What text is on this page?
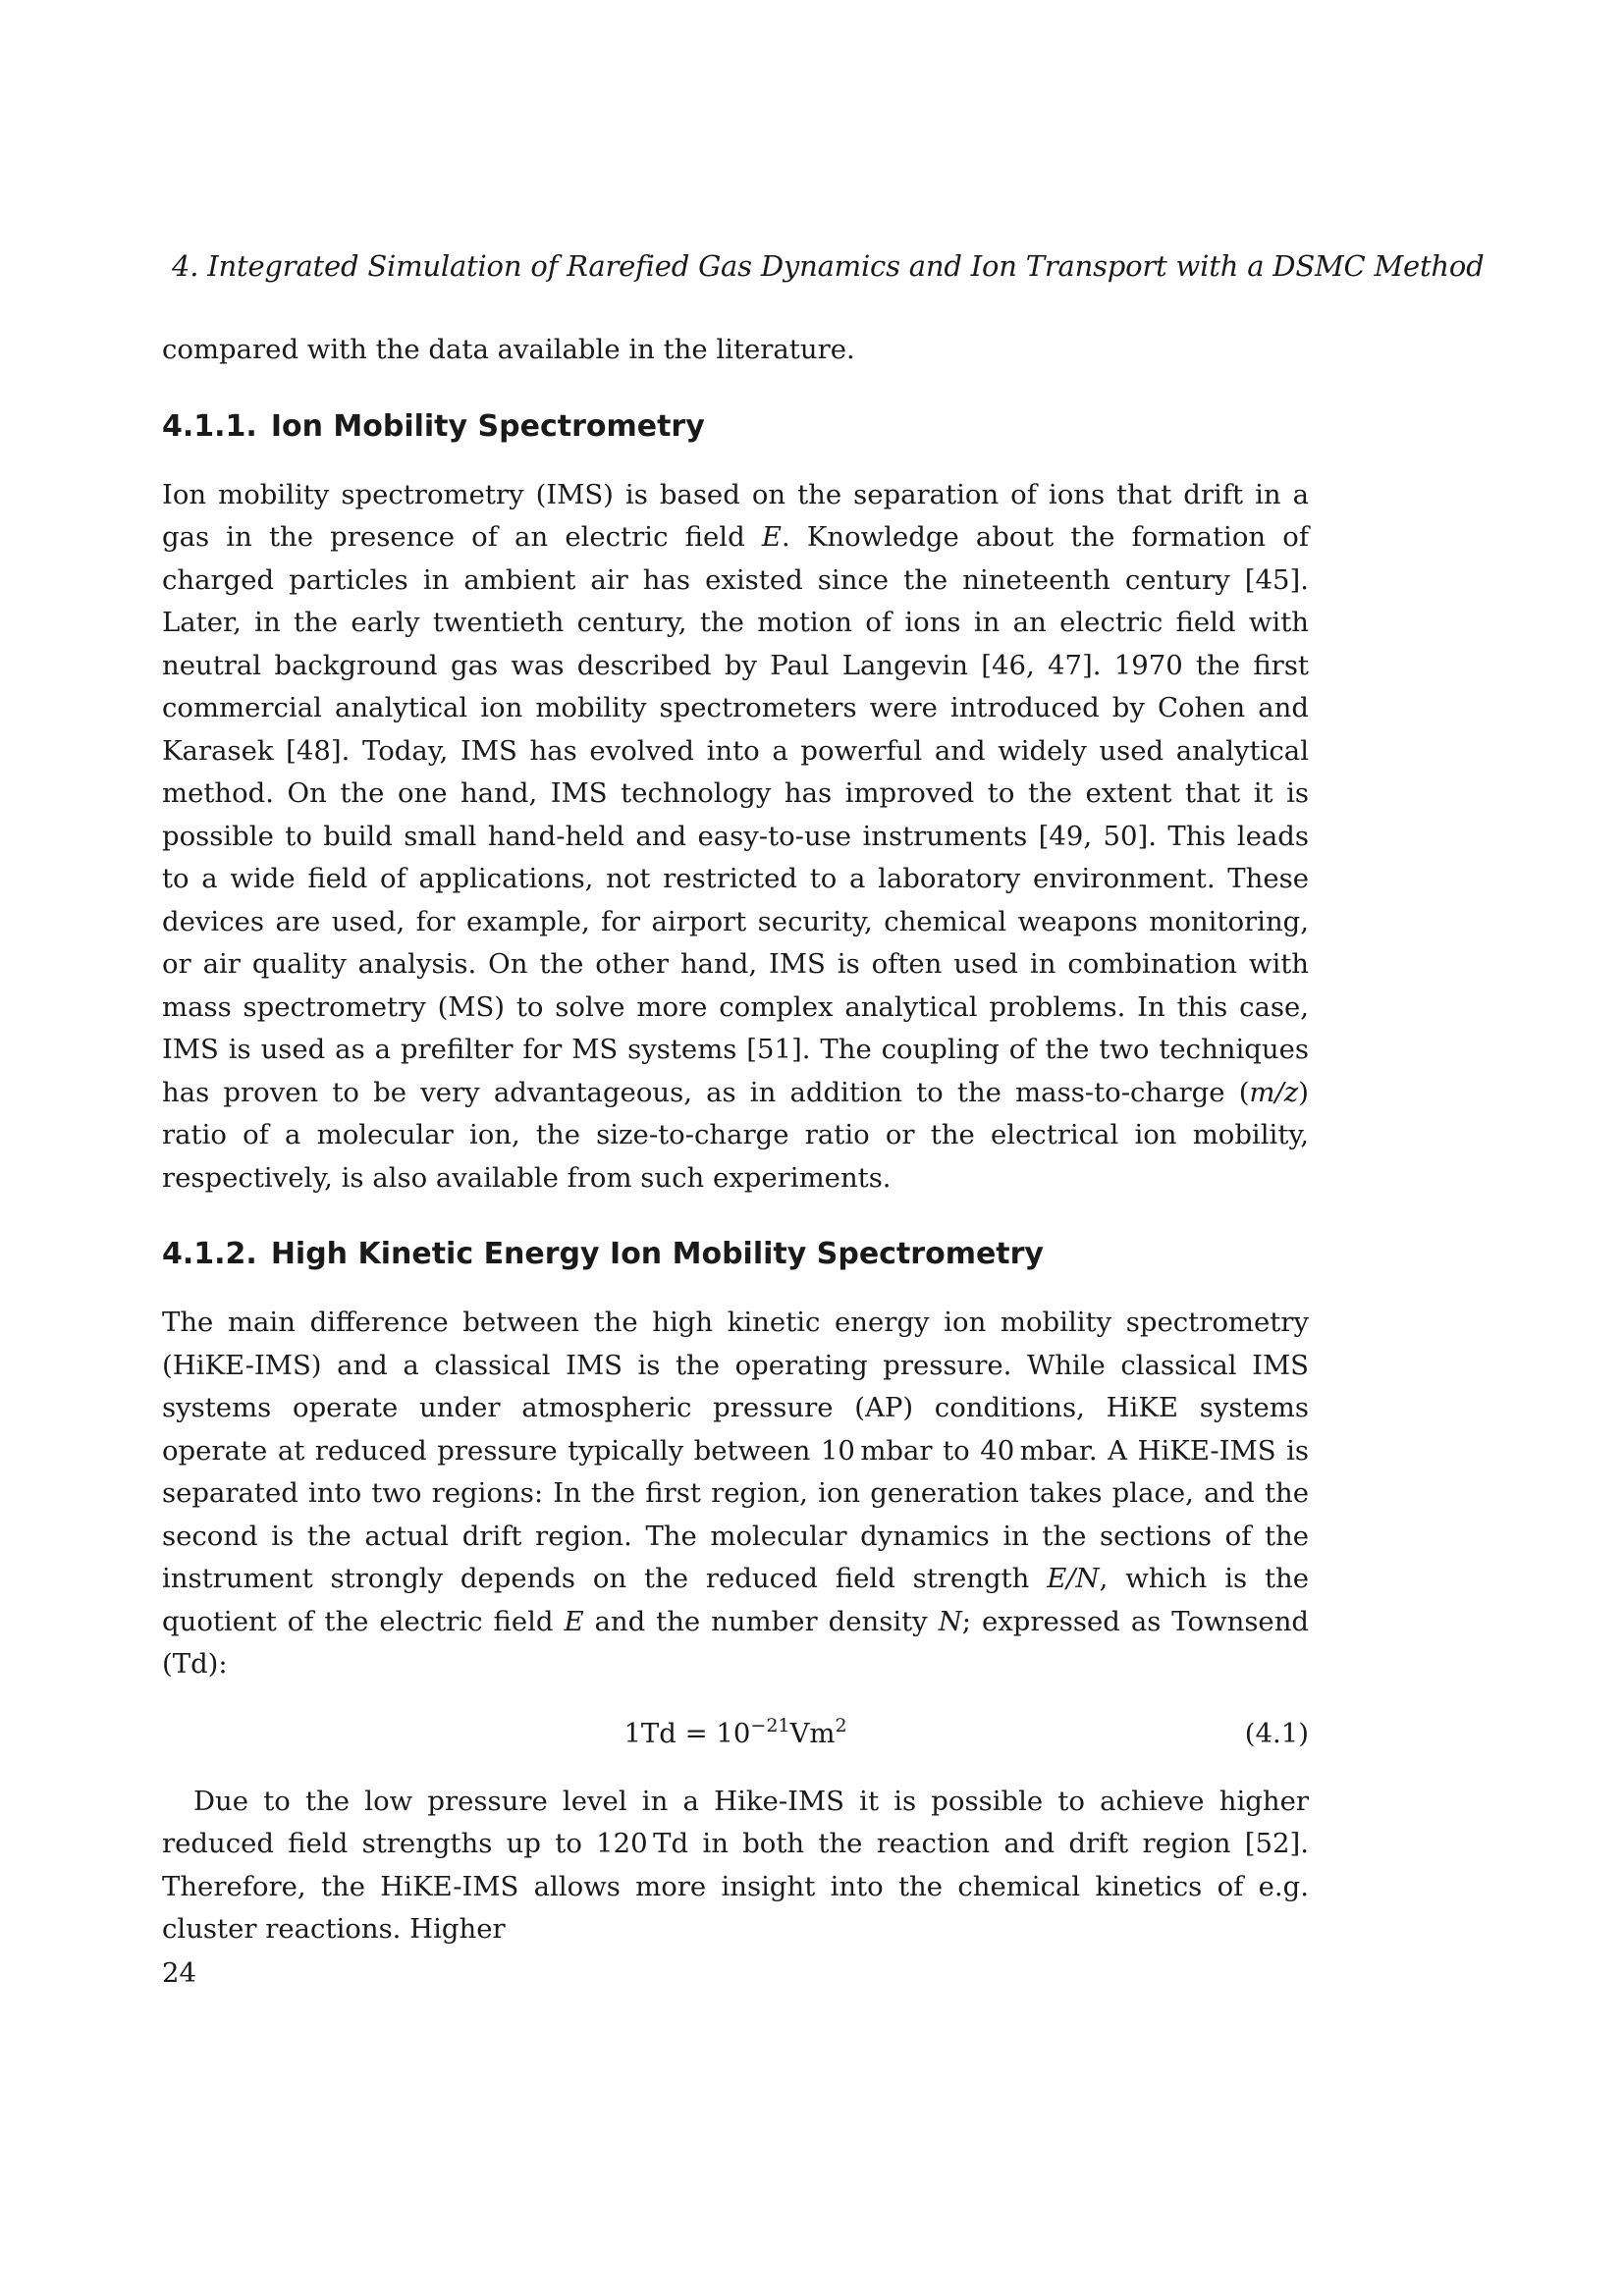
4. Integrated Simulation of Rarefied Gas Dynamics and Ion Transport with a DSMC Method

compared with the data available in the literature.

4.1.1. Ion Mobility Spectrometry

Ion mobility spectrometry (IMS) is based on the separation of ions that drift in a gas in the presence of an electric field E. Knowledge about the formation of charged particles in ambient air has existed since the nineteenth century [45]. Later, in the early twentieth century, the motion of ions in an electric field with neutral background gas was described by Paul Langevin [46, 47]. 1970 the first commercial analytical ion mobility spectrometers were introduced by Cohen and Karasek [48]. Today, IMS has evolved into a powerful and widely used analytical method. On the one hand, IMS technology has improved to the extent that it is possible to build small hand-held and easy-to-use instruments [49, 50]. This leads to a wide field of applications, not restricted to a laboratory environment. These devices are used, for example, for airport security, chemical weapons monitoring, or air quality analysis. On the other hand, IMS is often used in combination with mass spectrometry (MS) to solve more complex analytical problems. In this case, IMS is used as a prefilter for MS systems [51]. The coupling of the two techniques has proven to be very advantageous, as in addition to the mass-to-charge (m/z) ratio of a molecular ion, the size-to-charge ratio or the electrical ion mobility, respectively, is also available from such experiments.

4.1.2. High Kinetic Energy Ion Mobility Spectrometry

The main difference between the high kinetic energy ion mobility spectrometry (HiKE-IMS) and a classical IMS is the operating pressure. While classical IMS systems operate under atmospheric pressure (AP) conditions, HiKE systems operate at reduced pressure typically between 10 mbar to 40 mbar. A HiKE-IMS is separated into two regions: In the first region, ion generation takes place, and the second is the actual drift region. The molecular dynamics in the sections of the instrument strongly depends on the reduced field strength E/N, which is the quotient of the electric field E and the number density N; expressed as Townsend (Td):

$1Td = 10^{-21}Vm^2$	(4.1)

Due to the low pressure level in a Hike-IMS it is possible to achieve higher reduced field strengths up to 120 Td in both the reaction and drift region [52]. Therefore, the HiKE-IMS allows more insight into the chemical kinetics of e.g. cluster reactions. Higher

24
